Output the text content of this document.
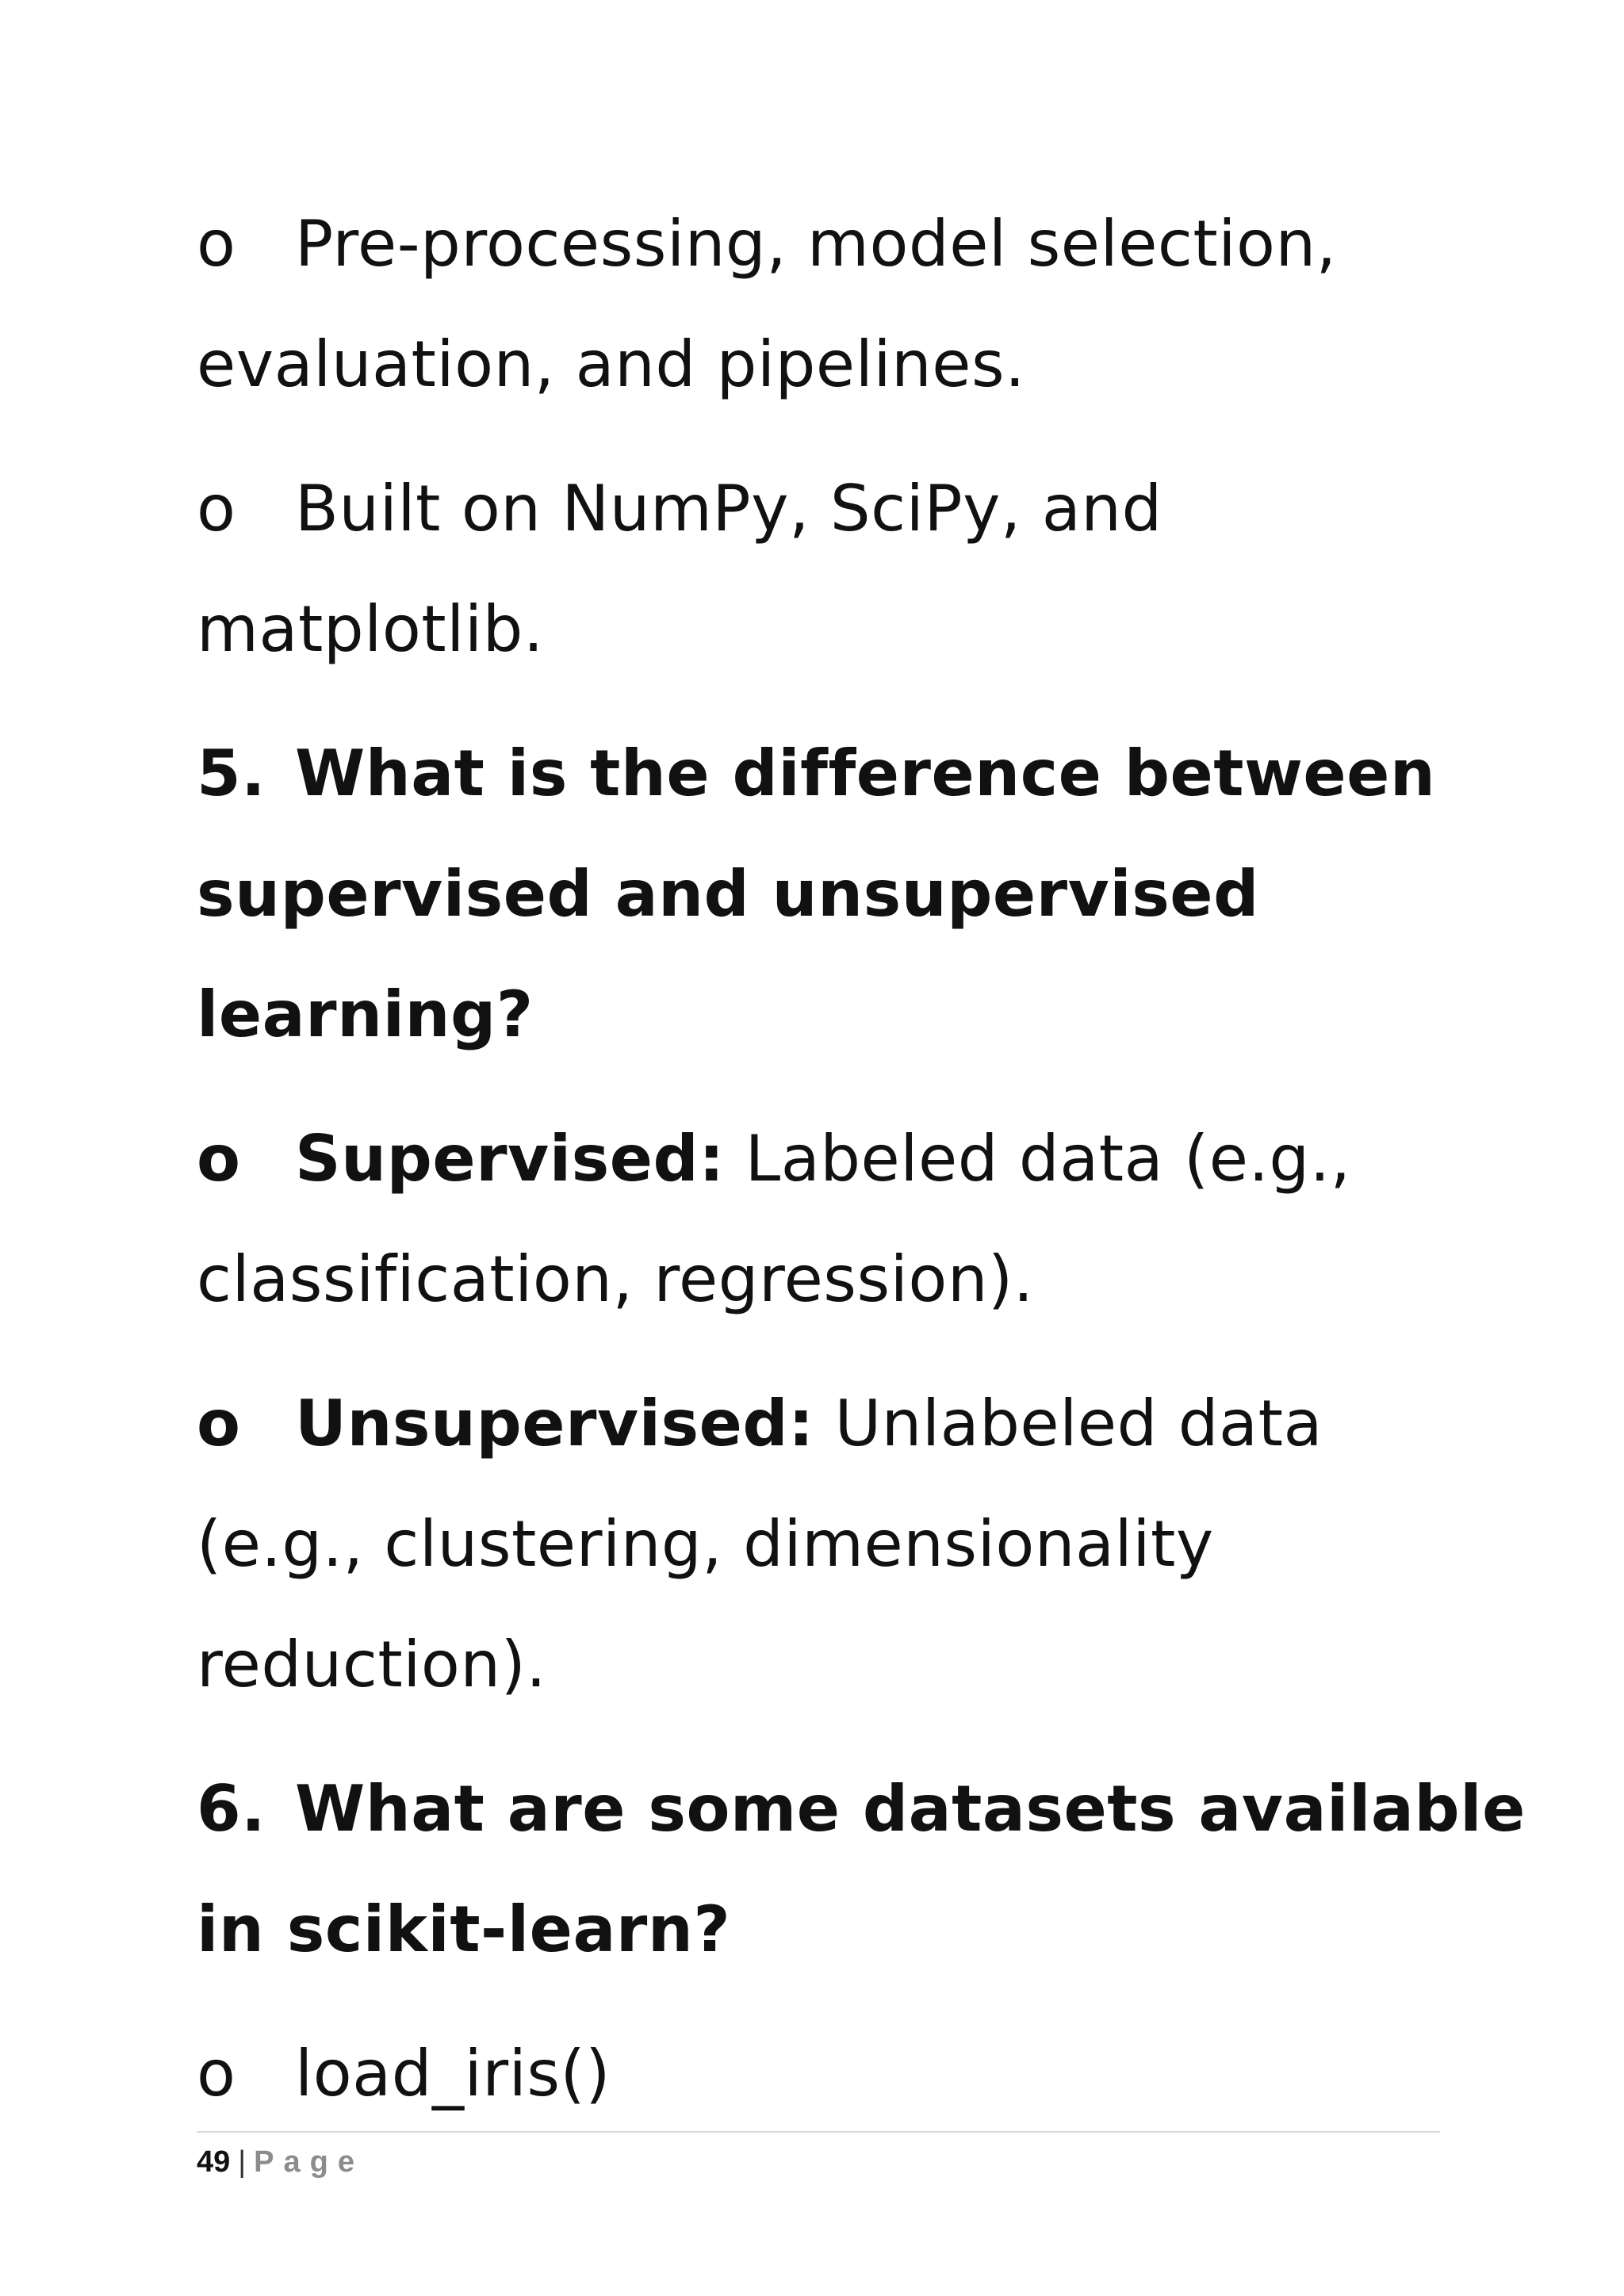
o Pre-processing, model selection,
evaluation, and pipelines.
o Built on NumPy, SciPy, and
matplotlib.
5. What is the difference between
supervised and unsupervised
learning?
o Supervised: Labeled data (e.g.,
classification, regression).
o Unsupervised: Unlabeled data
(e.g., clustering, dimensionality
reduction).
6. What are some datasets available
in scikit-learn?
o load_iris()
49 | Page
